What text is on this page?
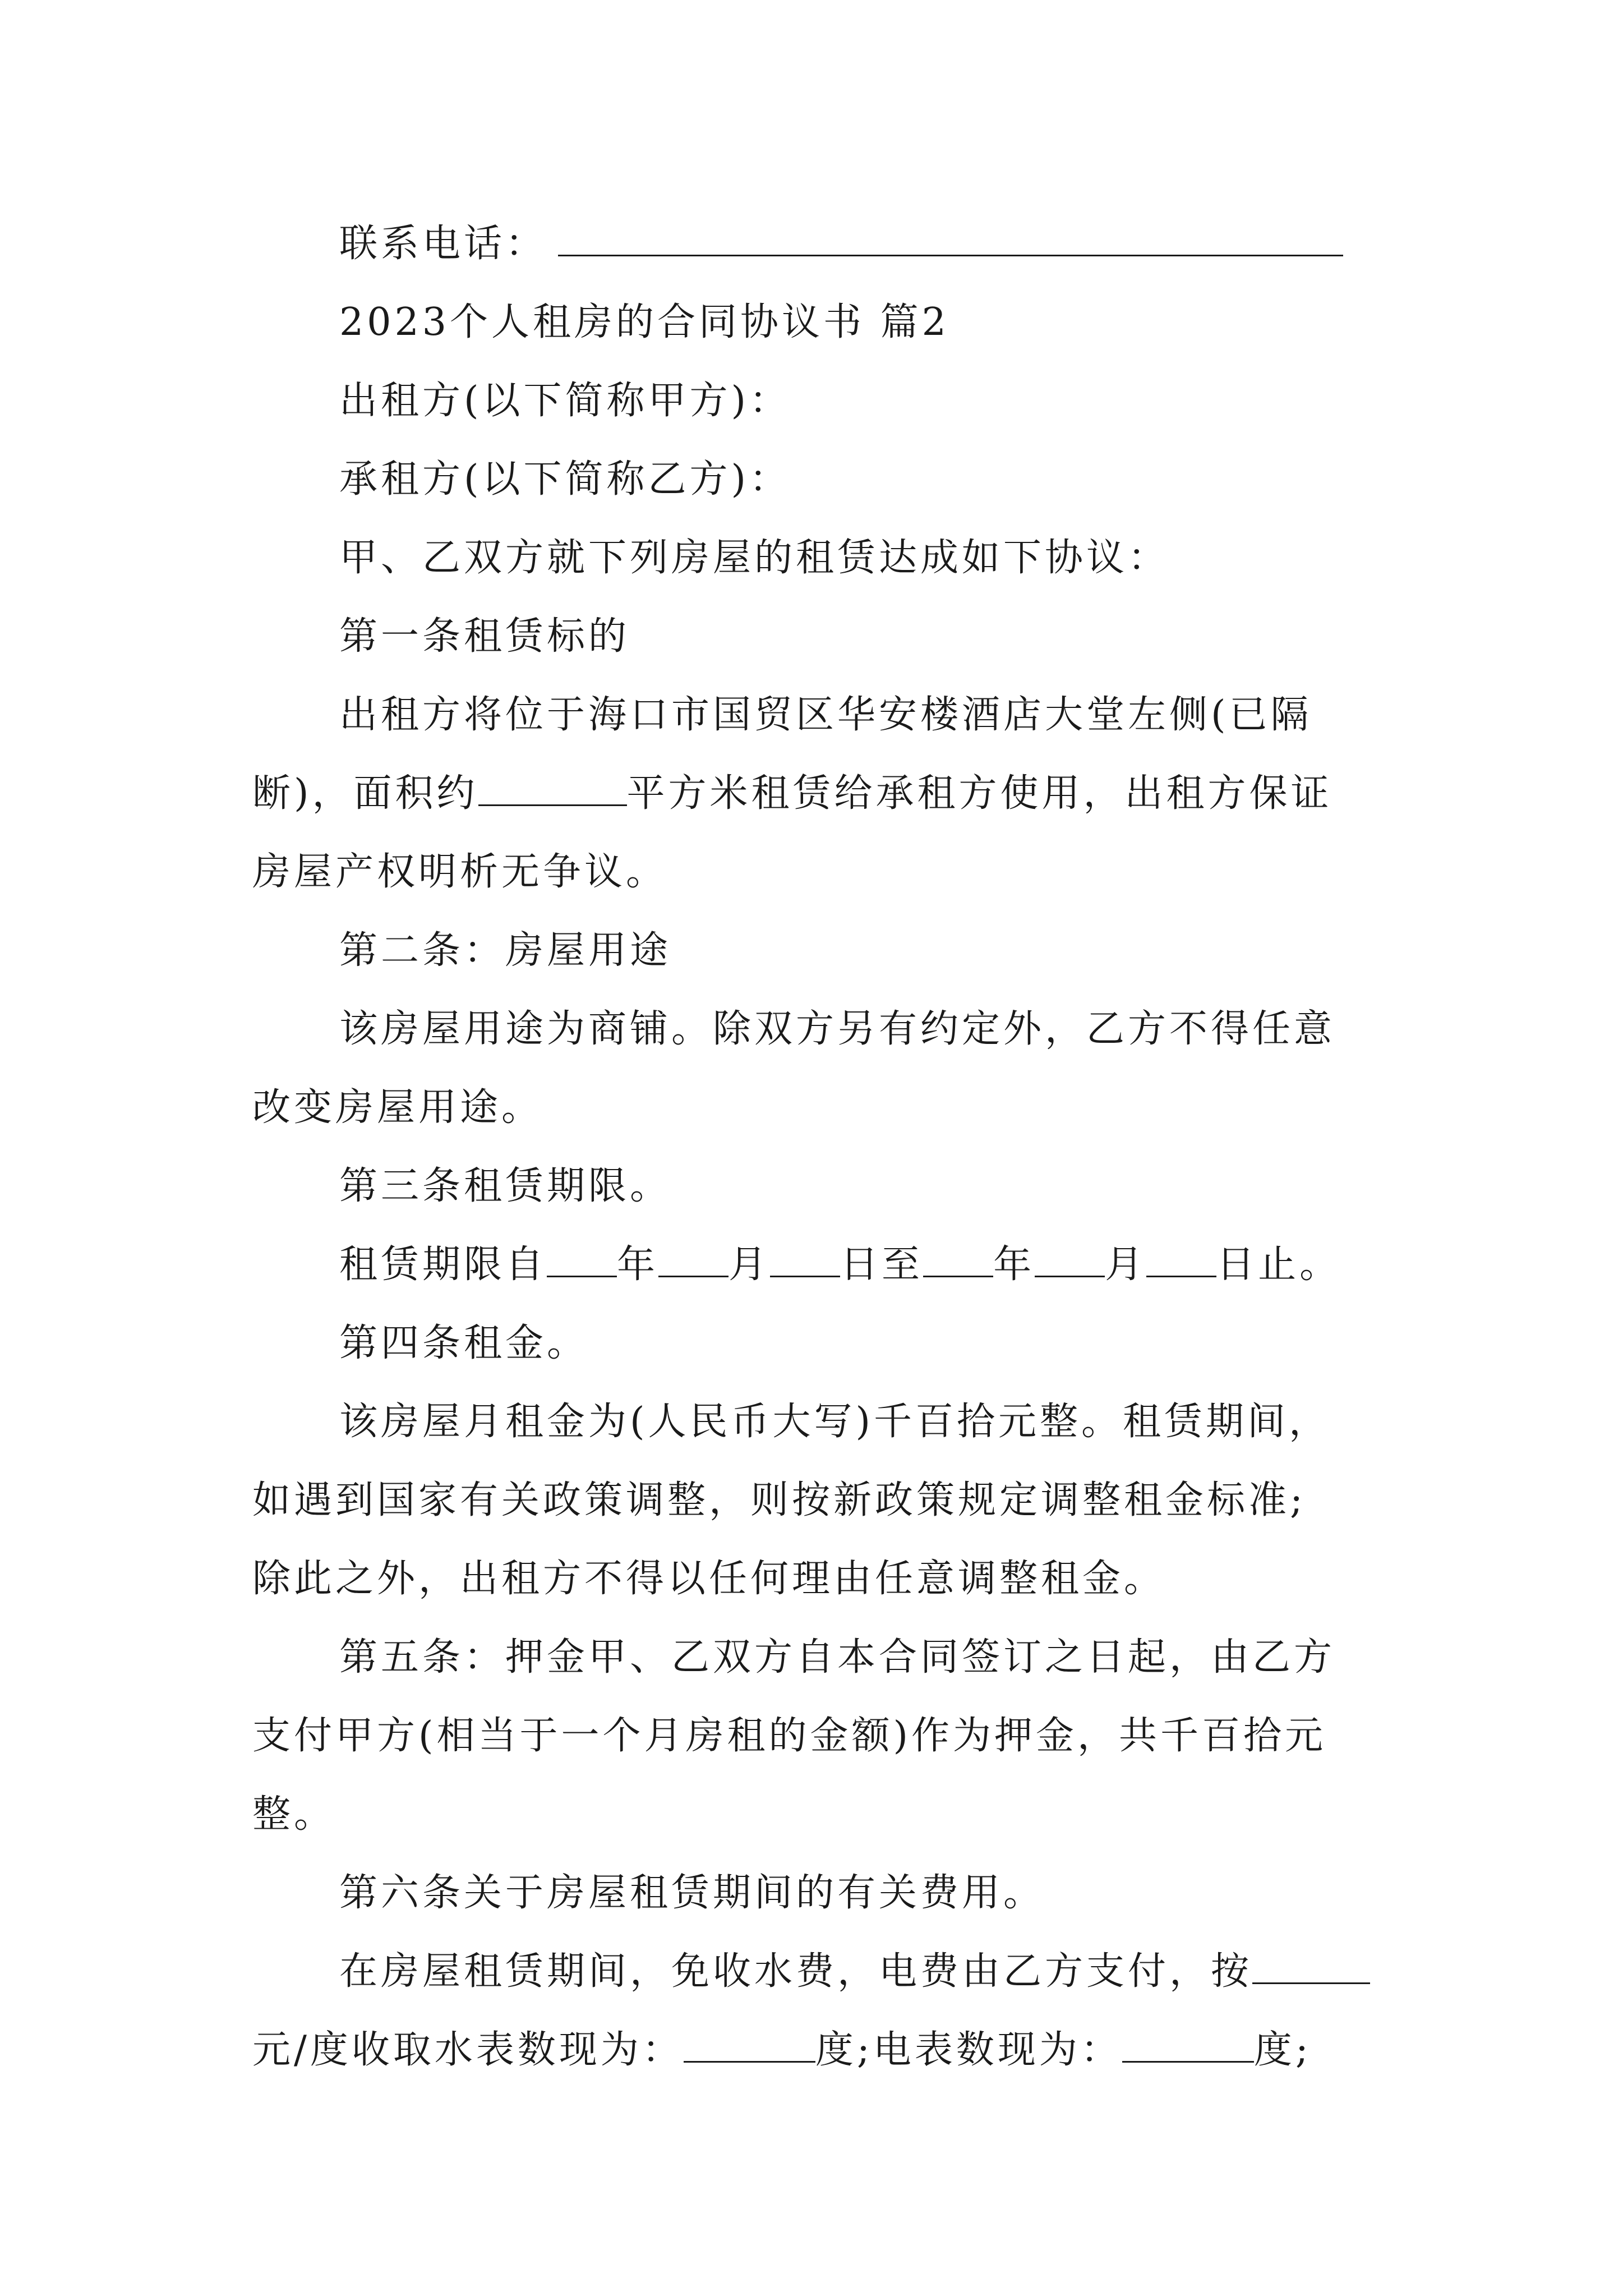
联系电话：
2023个人租房的合同协议书 篇2
出租方(以下简称甲方)：
承租方(以下简称乙方)：
甲、乙双方就下列房屋的租赁达成如下协议：
第一条租赁标的
出租方将位于海口市国贸区华安楼酒店大堂左侧(已隔
断)，面积约	平方米租赁给承租方使用，出租方保证
房屋产权明析无争议。
第二条：房屋用途
该房屋用途为商铺。除双方另有约定外，乙方不得任意
改变房屋用途。
第三条租赁期限。
租赁期限自 年 月 日至 年 月 日止。
第四条租金。
该房屋月租金为(人民币大写)千百拾元整。租赁期间，
如遇到国家有关政策调整，则按新政策规定调整租金标准;
除此之外，出租方不得以任何理由任意调整租金。
第五条：押金甲、乙双方自本合同签订之日起，由乙方
支付甲方(相当于一个月房租的金额)作为押金，共千百拾元
整。
第六条关于房屋租赁期间的有关费用。
在房屋租赁期间，免收水费，电费由乙方支付，按
元/度收取水表数现为：	度;电表数现为：	度;
